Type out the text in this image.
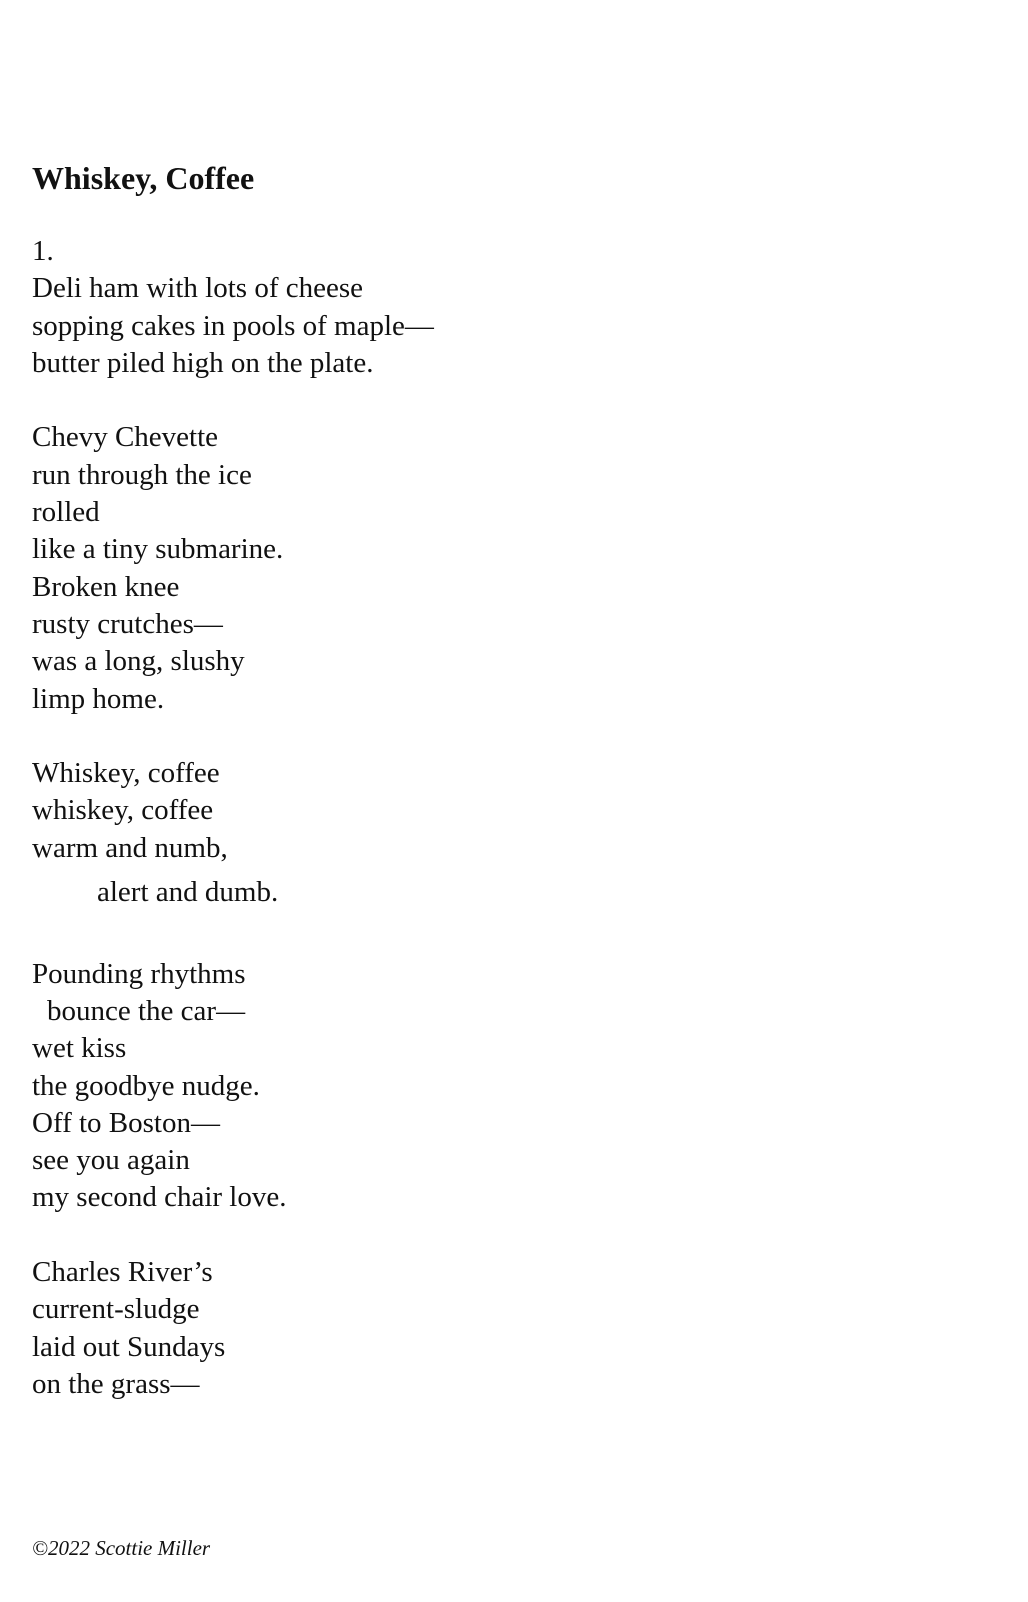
Whiskey, Coffee
1.
Deli ham with lots of cheese
sopping cakes in pools of maple—
butter piled high on the plate.
Chevy Chevette
run through the ice
rolled
like a tiny submarine.
Broken knee
rusty crutches—
was a long, slushy
limp home.
Whiskey, coffee
whiskey, coffee
warm and numb,
alert and dumb.
Pounding rhythms
bounce the car—
wet kiss
the goodbye nudge.
Off to Boston—
see you again
my second chair love.
Charles River’s
current-sludge
laid out Sundays
on the grass—
©2022 Scottie Miller
